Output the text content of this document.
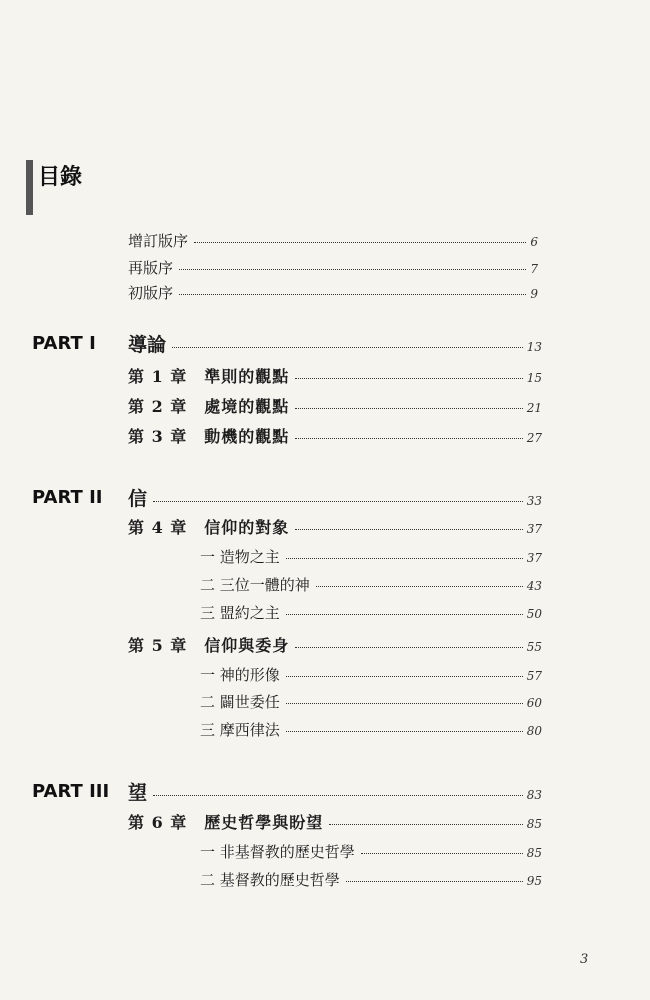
目錄
增訂版序	6
再版序	7
初版序	9
PART I 導論	13
第 1 章　準則的觀點	15
第 2 章　處境的觀點	21
第 3 章　動機的觀點	27
PART II 信	33
第 4 章　信仰的對象	37
一 造物之主	37
二 三位一體的神	43
三 盟約之主	50
第 5 章　信仰與委身	55
一 神的形像	57
二 闢世委任	60
三 摩西律法	80
PART III 望	83
第 6 章　歷史哲學與盼望	85
一 非基督教的歷史哲學	85
二 基督教的歷史哲學	95
3
